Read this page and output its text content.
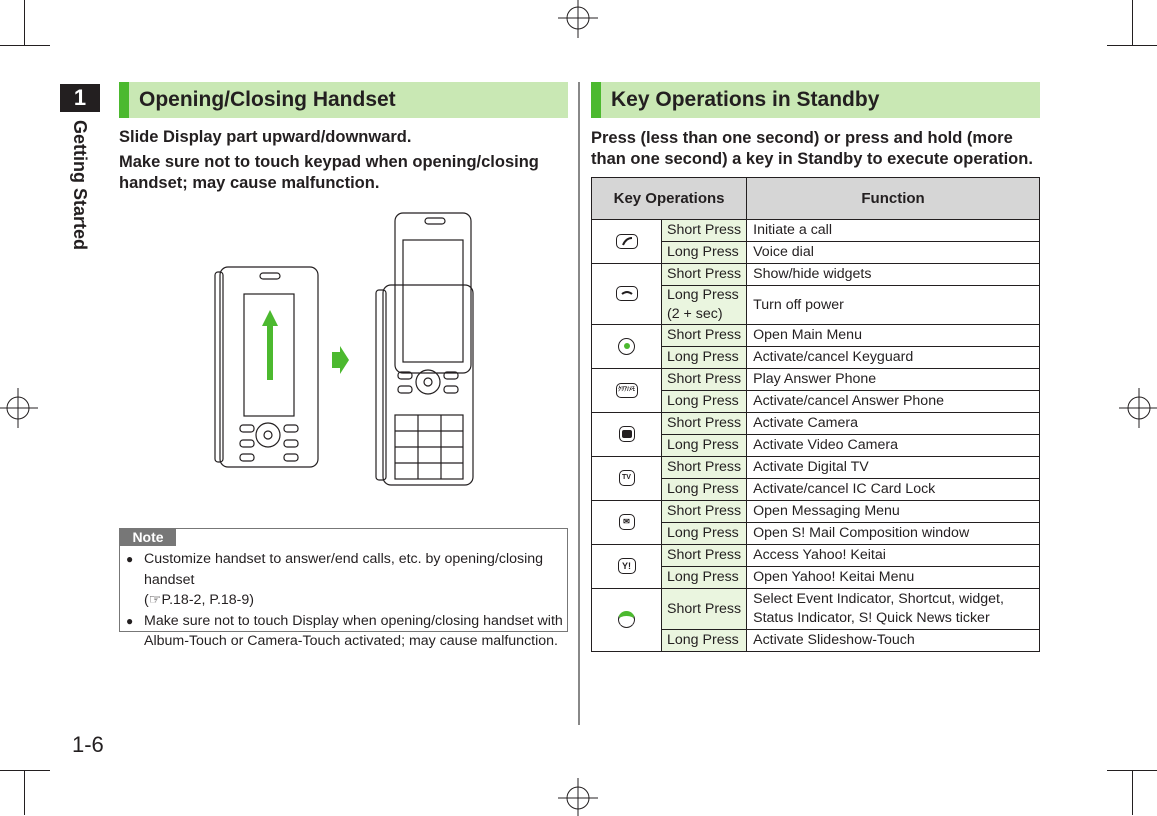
1
Getting Started
1-6
Opening/Closing Handset
Slide Display part upward/downward.
Make sure not to touch keypad when opening/closing handset; may cause malfunction.
Note
● Customize handset to answer/end calls, etc. by opening/closing handset
(☞P.18-2, P.18-9)
● Make sure not to touch Display when opening/closing handset with Album-Touch or Camera-Touch activated; may cause malfunction.
Key Operations in Standby
Press (less than one second) or press and hold (more than one second) a key in Standby to execute operation.
Key Operations		Function
	Short Press	Initiate a call
	Long Press	Voice dial
	Short Press	Show/hide widgets
	Long Press (2 + sec)	Turn off power

	Short Press	Open Main Menu
	Long Press	Activate/cancel Keyguard
ｸﾘｱ/ﾒﾓ	Short Press	Play Answer Phone
	Long Press	Activate/cancel Answer Phone

	Short Press	Activate Camera
	Long Press	Activate Video Camera
TV	Short Press	Activate Digital TV
	Long Press	Activate/cancel IC Card Lock
✉	Short Press	Open Messaging Menu
	Long Press	Open S! Mail Composition window
Y!	Short Press	Access Yahoo! Keitai
	Long Press	Open Yahoo! Keitai Menu
	Short Press	Select Event Indicator, Shortcut, widget, Status Indicator, S! Quick News ticker
	Long Press	Activate Slideshow-Touch
